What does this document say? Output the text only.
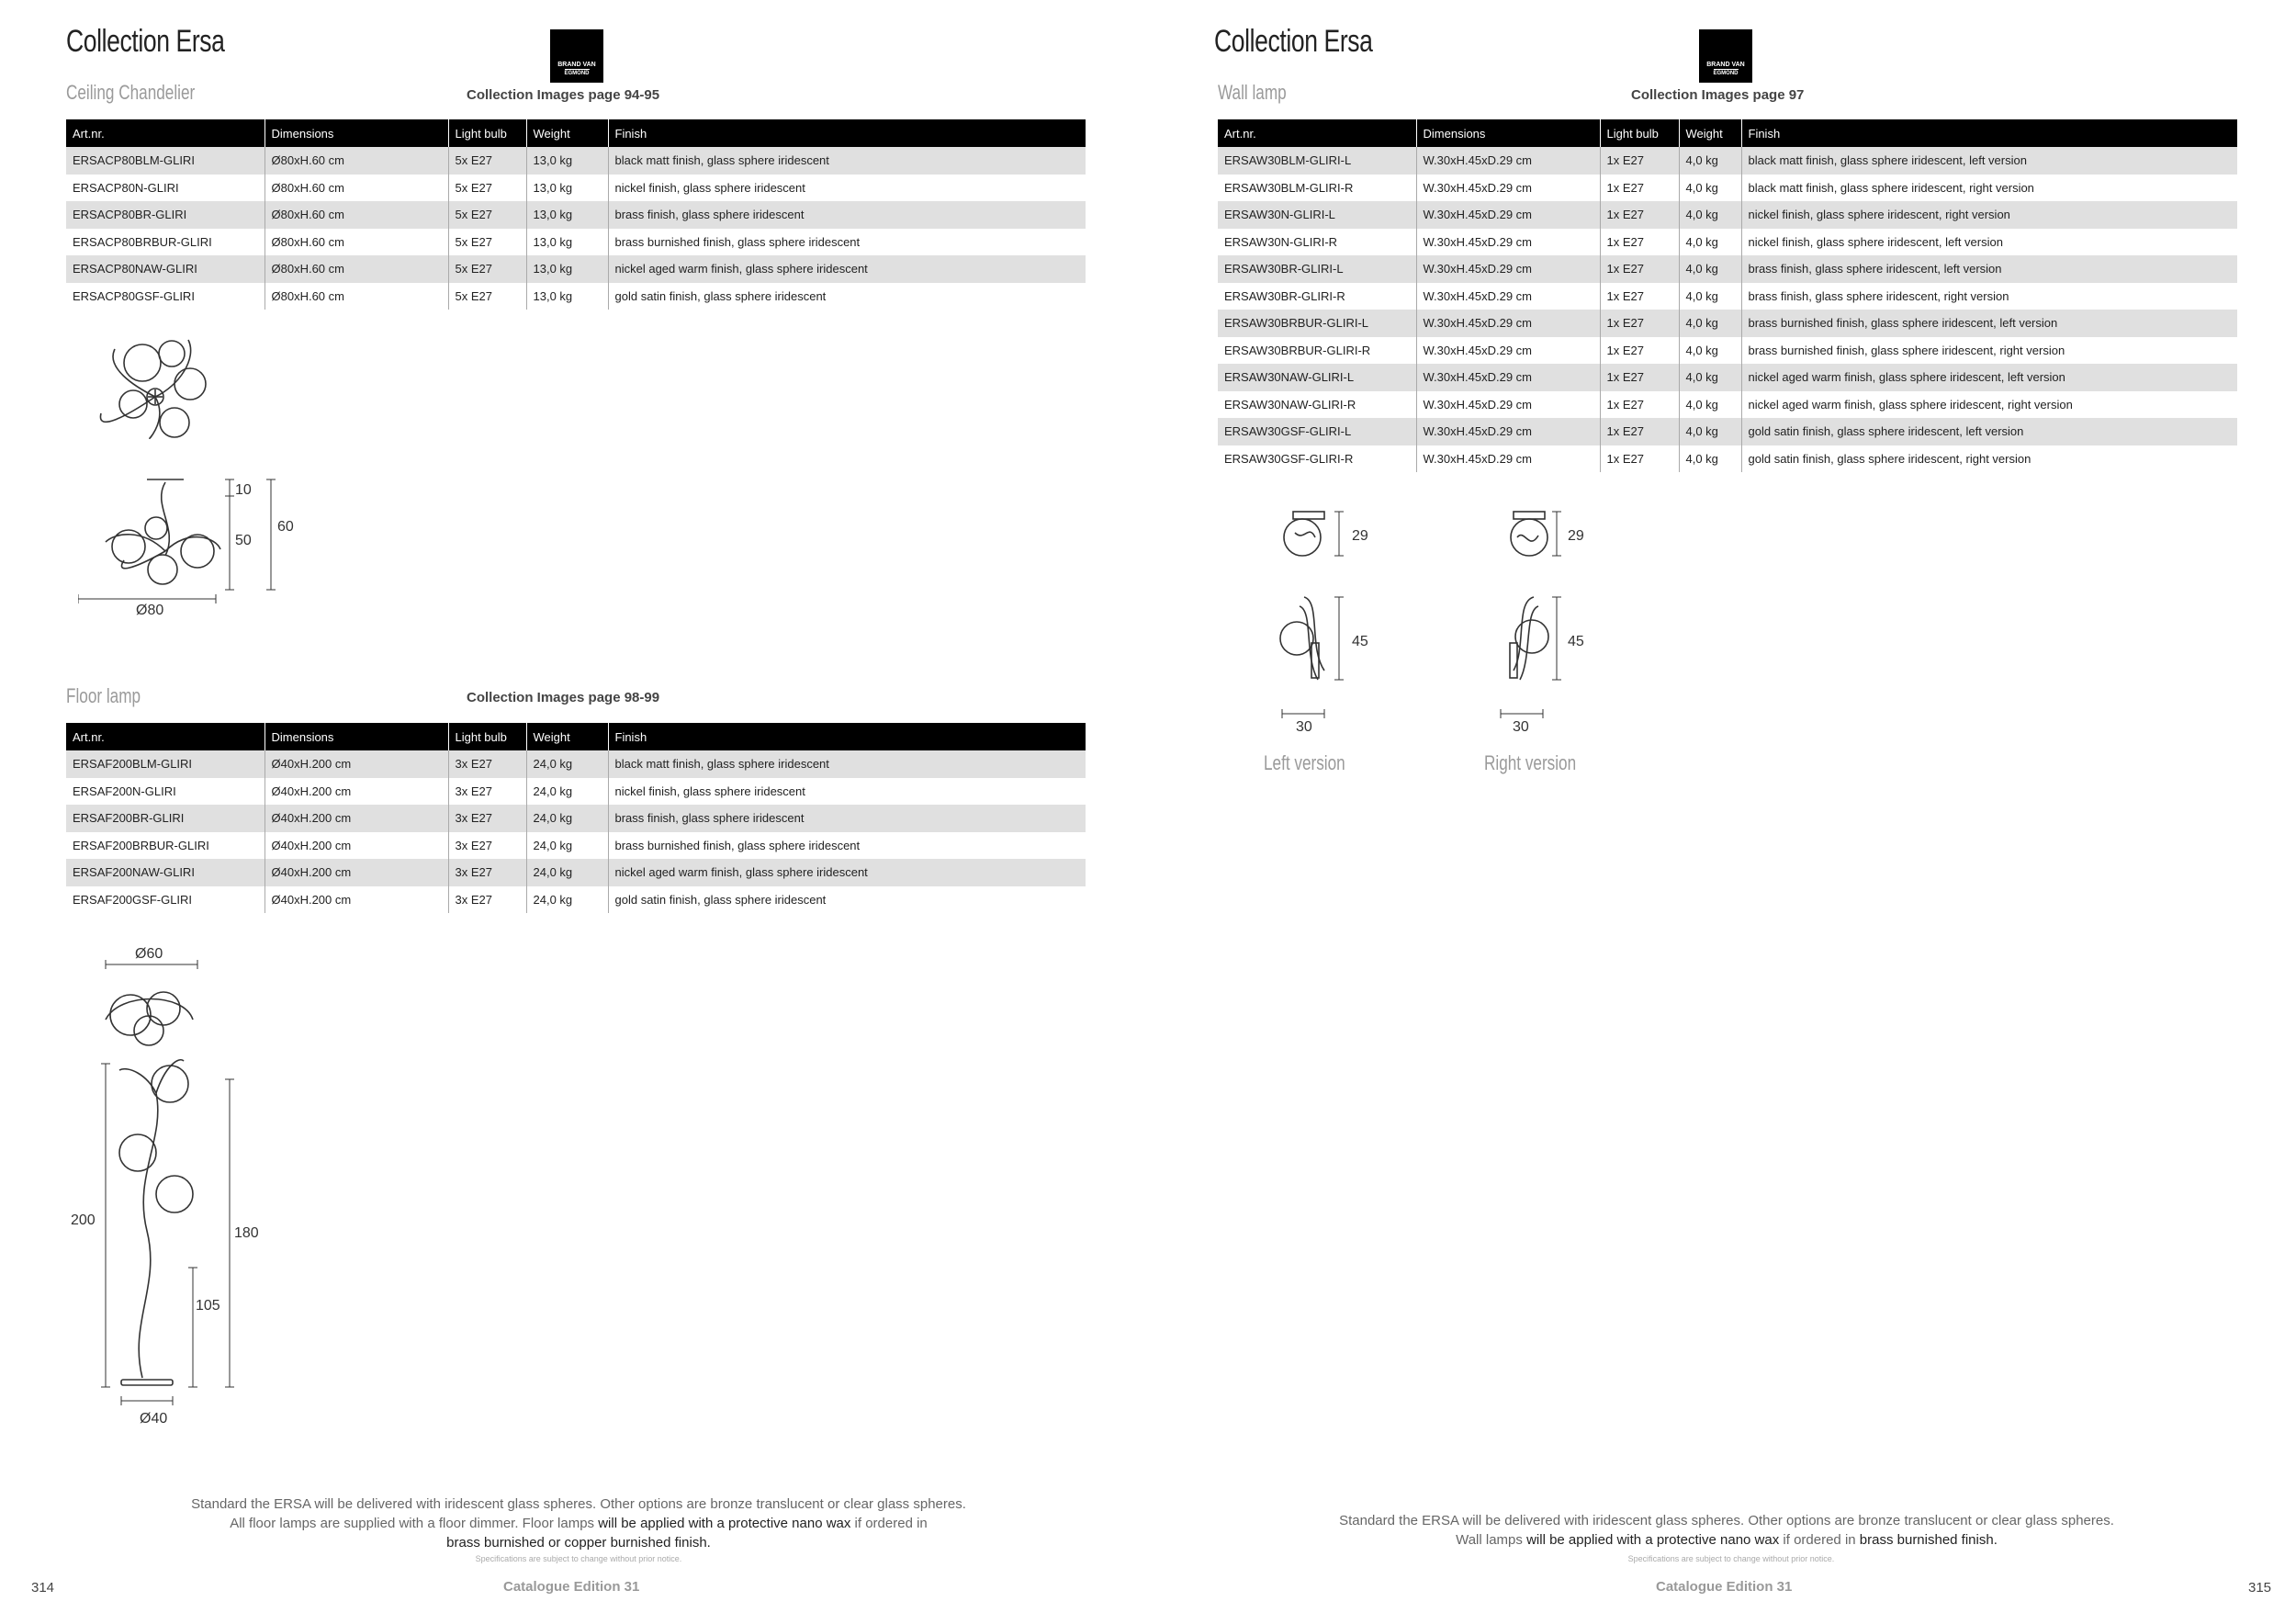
Collection Ersa
BRAND VAN
EGMOND
Ceiling Chandelier	Collection Images page 94-95
Art.nr.	Dimensions	Light bulb	Weight	Finish
ERSACP80BLM-GLIRI	Ø80xH.60 cm	5x E27	13,0 kg	black matt finish, glass sphere iridescent
ERSACP80N-GLIRI	Ø80xH.60 cm	5x E27	13,0 kg	nickel finish, glass sphere iridescent
ERSACP80BR-GLIRI	Ø80xH.60 cm	5x E27	13,0 kg	brass finish, glass sphere iridescent
ERSACP80BRBUR-GLIRI	Ø80xH.60 cm	5x E27	13,0 kg	brass burnished finish, glass sphere iridescent
ERSACP80NAW-GLIRI	Ø80xH.60 cm	5x E27	13,0 kg	nickel aged warm finish, glass sphere iridescent
ERSACP80GSF-GLIRI	Ø80xH.60 cm	5x E27	13,0 kg	gold satin finish, glass sphere iridescent
10
50
60
Ø80
Floor lamp	Collection Images page 98-99
Art.nr.	Dimensions	Light bulb	Weight	Finish
ERSAF200BLM-GLIRI	Ø40xH.200 cm	3x E27	24,0 kg	black matt finish, glass sphere iridescent
ERSAF200N-GLIRI	Ø40xH.200 cm	3x E27	24,0 kg	nickel finish, glass sphere iridescent
ERSAF200BR-GLIRI	Ø40xH.200 cm	3x E27	24,0 kg	brass finish, glass sphere iridescent
ERSAF200BRBUR-GLIRI	Ø40xH.200 cm	3x E27	24,0 kg	brass burnished finish, glass sphere iridescent
ERSAF200NAW-GLIRI	Ø40xH.200 cm	3x E27	24,0 kg	nickel aged warm finish, glass sphere iridescent
ERSAF200GSF-GLIRI	Ø40xH.200 cm	3x E27	24,0 kg	gold satin finish, glass sphere iridescent
Ø60
200
180
105
Ø40
Standard the ERSA will be delivered with iridescent glass spheres. Other options are bronze translucent or clear glass spheres.
All floor lamps are supplied with a floor dimmer. Floor lamps will be applied with a protective nano wax if ordered in
brass burnished or copper burnished finish.
Specifications are subject to change without prior notice.
Catalogue Edition 31
314
Collection Ersa
BRAND VAN
EGMOND
Wall lamp	Collection Images page 97
Art.nr.	Dimensions	Light bulb	Weight	Finish
ERSAW30BLM-GLIRI-L	W.30xH.45xD.29 cm	1x E27	4,0 kg	black matt finish, glass sphere iridescent, left version
ERSAW30BLM-GLIRI-R	W.30xH.45xD.29 cm	1x E27	4,0 kg	black matt finish, glass sphere iridescent, right version
ERSAW30N-GLIRI-L	W.30xH.45xD.29 cm	1x E27	4,0 kg	nickel finish, glass sphere iridescent, right version
ERSAW30N-GLIRI-R	W.30xH.45xD.29 cm	1x E27	4,0 kg	nickel finish, glass sphere iridescent, left version
ERSAW30BR-GLIRI-L	W.30xH.45xD.29 cm	1x E27	4,0 kg	brass finish, glass sphere iridescent, left version
ERSAW30BR-GLIRI-R	W.30xH.45xD.29 cm	1x E27	4,0 kg	brass finish, glass sphere iridescent, right version
ERSAW30BRBUR-GLIRI-L	W.30xH.45xD.29 cm	1x E27	4,0 kg	brass burnished finish, glass sphere iridescent, left version
ERSAW30BRBUR-GLIRI-R	W.30xH.45xD.29 cm	1x E27	4,0 kg	brass burnished finish, glass sphere iridescent, right version
ERSAW30NAW-GLIRI-L	W.30xH.45xD.29 cm	1x E27	4,0 kg	nickel aged warm finish, glass sphere iridescent, left version
ERSAW30NAW-GLIRI-R	W.30xH.45xD.29 cm	1x E27	4,0 kg	nickel aged warm finish, glass sphere iridescent, right version
ERSAW30GSF-GLIRI-L	W.30xH.45xD.29 cm	1x E27	4,0 kg	gold satin finish, glass sphere iridescent, left version
ERSAW30GSF-GLIRI-R	W.30xH.45xD.29 cm	1x E27	4,0 kg	gold satin finish, glass sphere iridescent, right version
29
45
30
Left version
29
45
30
Right version
Standard the ERSA will be delivered with iridescent glass spheres. Other options are bronze translucent or clear glass spheres.
Wall lamps will be applied with a protective nano wax if ordered in brass burnished finish.
Specifications are subject to change without prior notice.
Catalogue Edition 31	315
